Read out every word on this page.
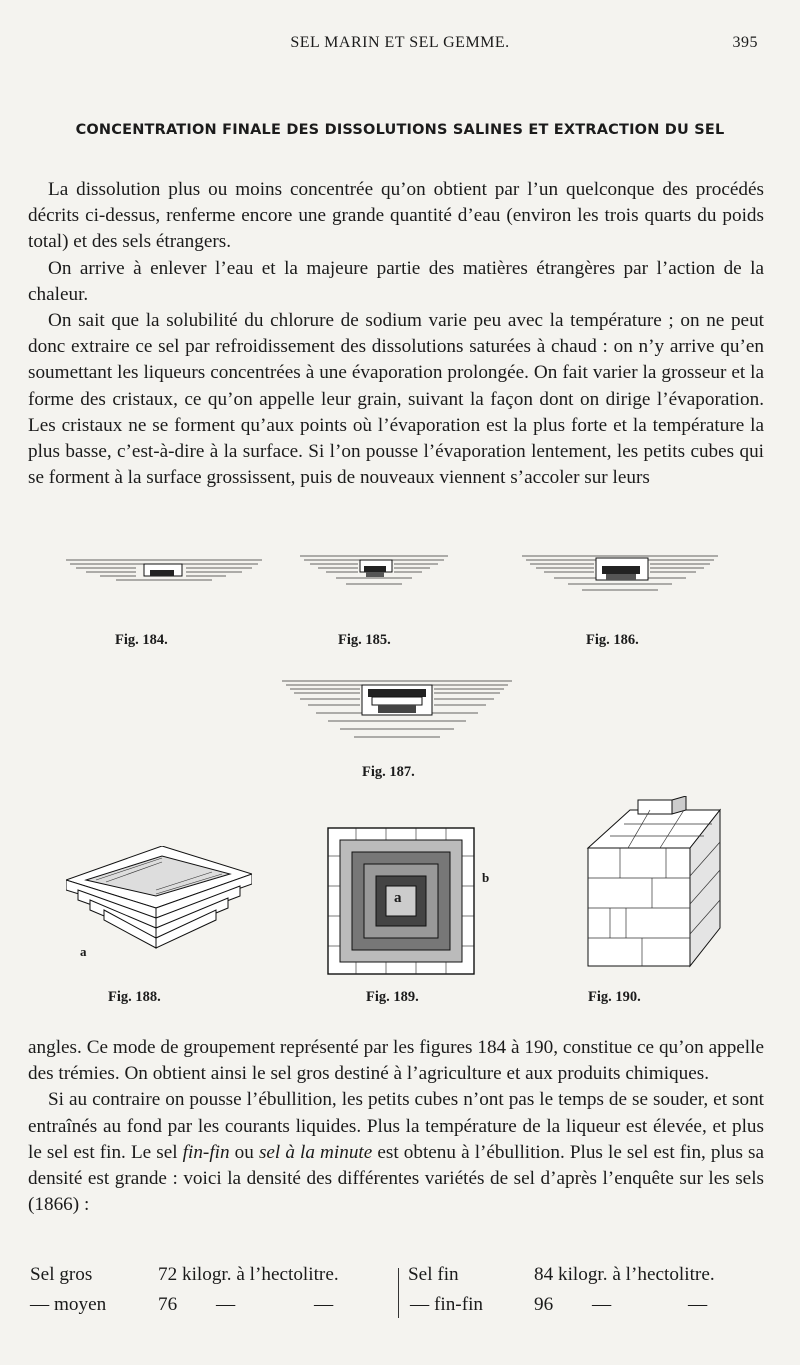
SEL MARIN ET SEL GEMME.	395
CONCENTRATION FINALE DES DISSOLUTIONS SALINES ET EXTRACTION DU SEL

La dissolution plus ou moins concentrée qu’on obtient par l’un quelconque des procédés décrits ci-dessus, renferme encore une grande quantité d’eau (environ les trois quarts du poids total) et des sels étrangers.

On arrive à enlever l’eau et la majeure partie des matières étrangères par l’action de la chaleur.

On sait que la solubilité du chlorure de sodium varie peu avec la température ; on ne peut donc extraire ce sel par refroidissement des dissolutions saturées à chaud : on n’y arrive qu’en soumettant les liqueurs concentrées à une évaporation prolongée. On fait varier la grosseur et la forme des cristaux, ce qu’on appelle leur grain, suivant la façon dont on dirige l’évaporation. Les cristaux ne se forment qu’aux points où l’évaporation est la plus forte et la température la plus basse, c’est-à-dire à la surface. Si l’on pousse l’évaporation lentement, les petits cubes qui se forment à la surface grossissent, puis de nouveaux viennent s’accoler sur leurs

Fig. 184.	Fig. 185.	Fig. 186.
Fig. 187.
a
Fig. 188.
a
b
Fig. 189.	Fig. 190.

angles. Ce mode de groupement représenté par les figures 184 à 190, constitue ce qu’on appelle des trémies. On obtient ainsi le sel gros destiné à l’agriculture et aux produits chimiques.

Si au contraire on pousse l’ébullition, les petits cubes n’ont pas le temps de se souder, et sont entraînés au fond par les courants liquides. Plus la température de la liqueur est élevée, et plus le sel est fin. Le sel fin-fin ou sel à la minute est obtenu à l’ébullition. Plus le sel est fin, plus sa densité est grande : voici la densité des différentes variétés de sel d’après l’enquête sur les sels (1866) :

Sel gros	72 kilogr. à l’hectolitre.
— moyen	76 —	—
Sel fin	84 kilogr. à l’hectolitre.
— fin-fin	96 —	—
